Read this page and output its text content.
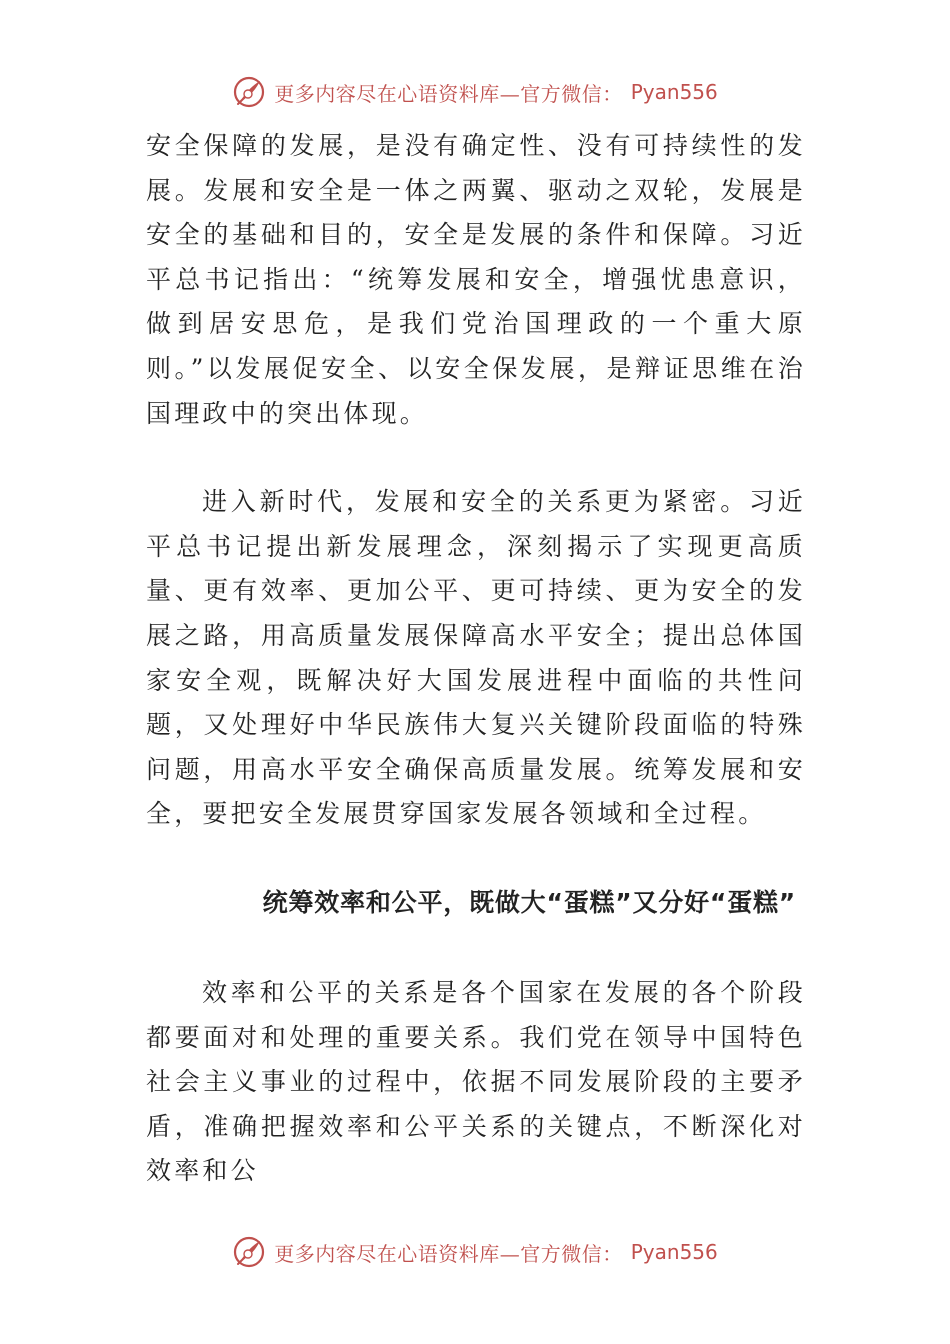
更多内容尽在心语资料库—官方微信： Pyan556

安全保障的发展，是没有确定性、没有可持续性的发展。发展和安全是一体之两翼、驱动之双轮，发展是安全的基础和目的，安全是发展的条件和保障。习近平总书记指出：“统筹发展和安全，增强忧患意识，做到居安思危，是我们党治国理政的一个重大原则。”以发展促安全、以安全保发展，是辩证思维在治国理政中的突出体现。

进入新时代，发展和安全的关系更为紧密。习近平总书记提出新发展理念，深刻揭示了实现更高质量、更有效率、更加公平、更可持续、更为安全的发展之路，用高质量发展保障高水平安全；提出总体国家安全观，既解决好大国发展进程中面临的共性问题，又处理好中华民族伟大复兴关键阶段面临的特殊问题，用高水平安全确保高质量发展。统筹发展和安全，要把安全发展贯穿国家发展各领域和全过程。

统筹效率和公平，既做大“蛋糕”又分好“蛋糕”

效率和公平的关系是各个国家在发展的各个阶段都要面对和处理的重要关系。我们党在领导中国特色社会主义事业的过程中，依据不同发展阶段的主要矛盾，准确把握效率和公平关系的关键点，不断深化对效率和公

更多内容尽在心语资料库—官方微信： Pyan556
